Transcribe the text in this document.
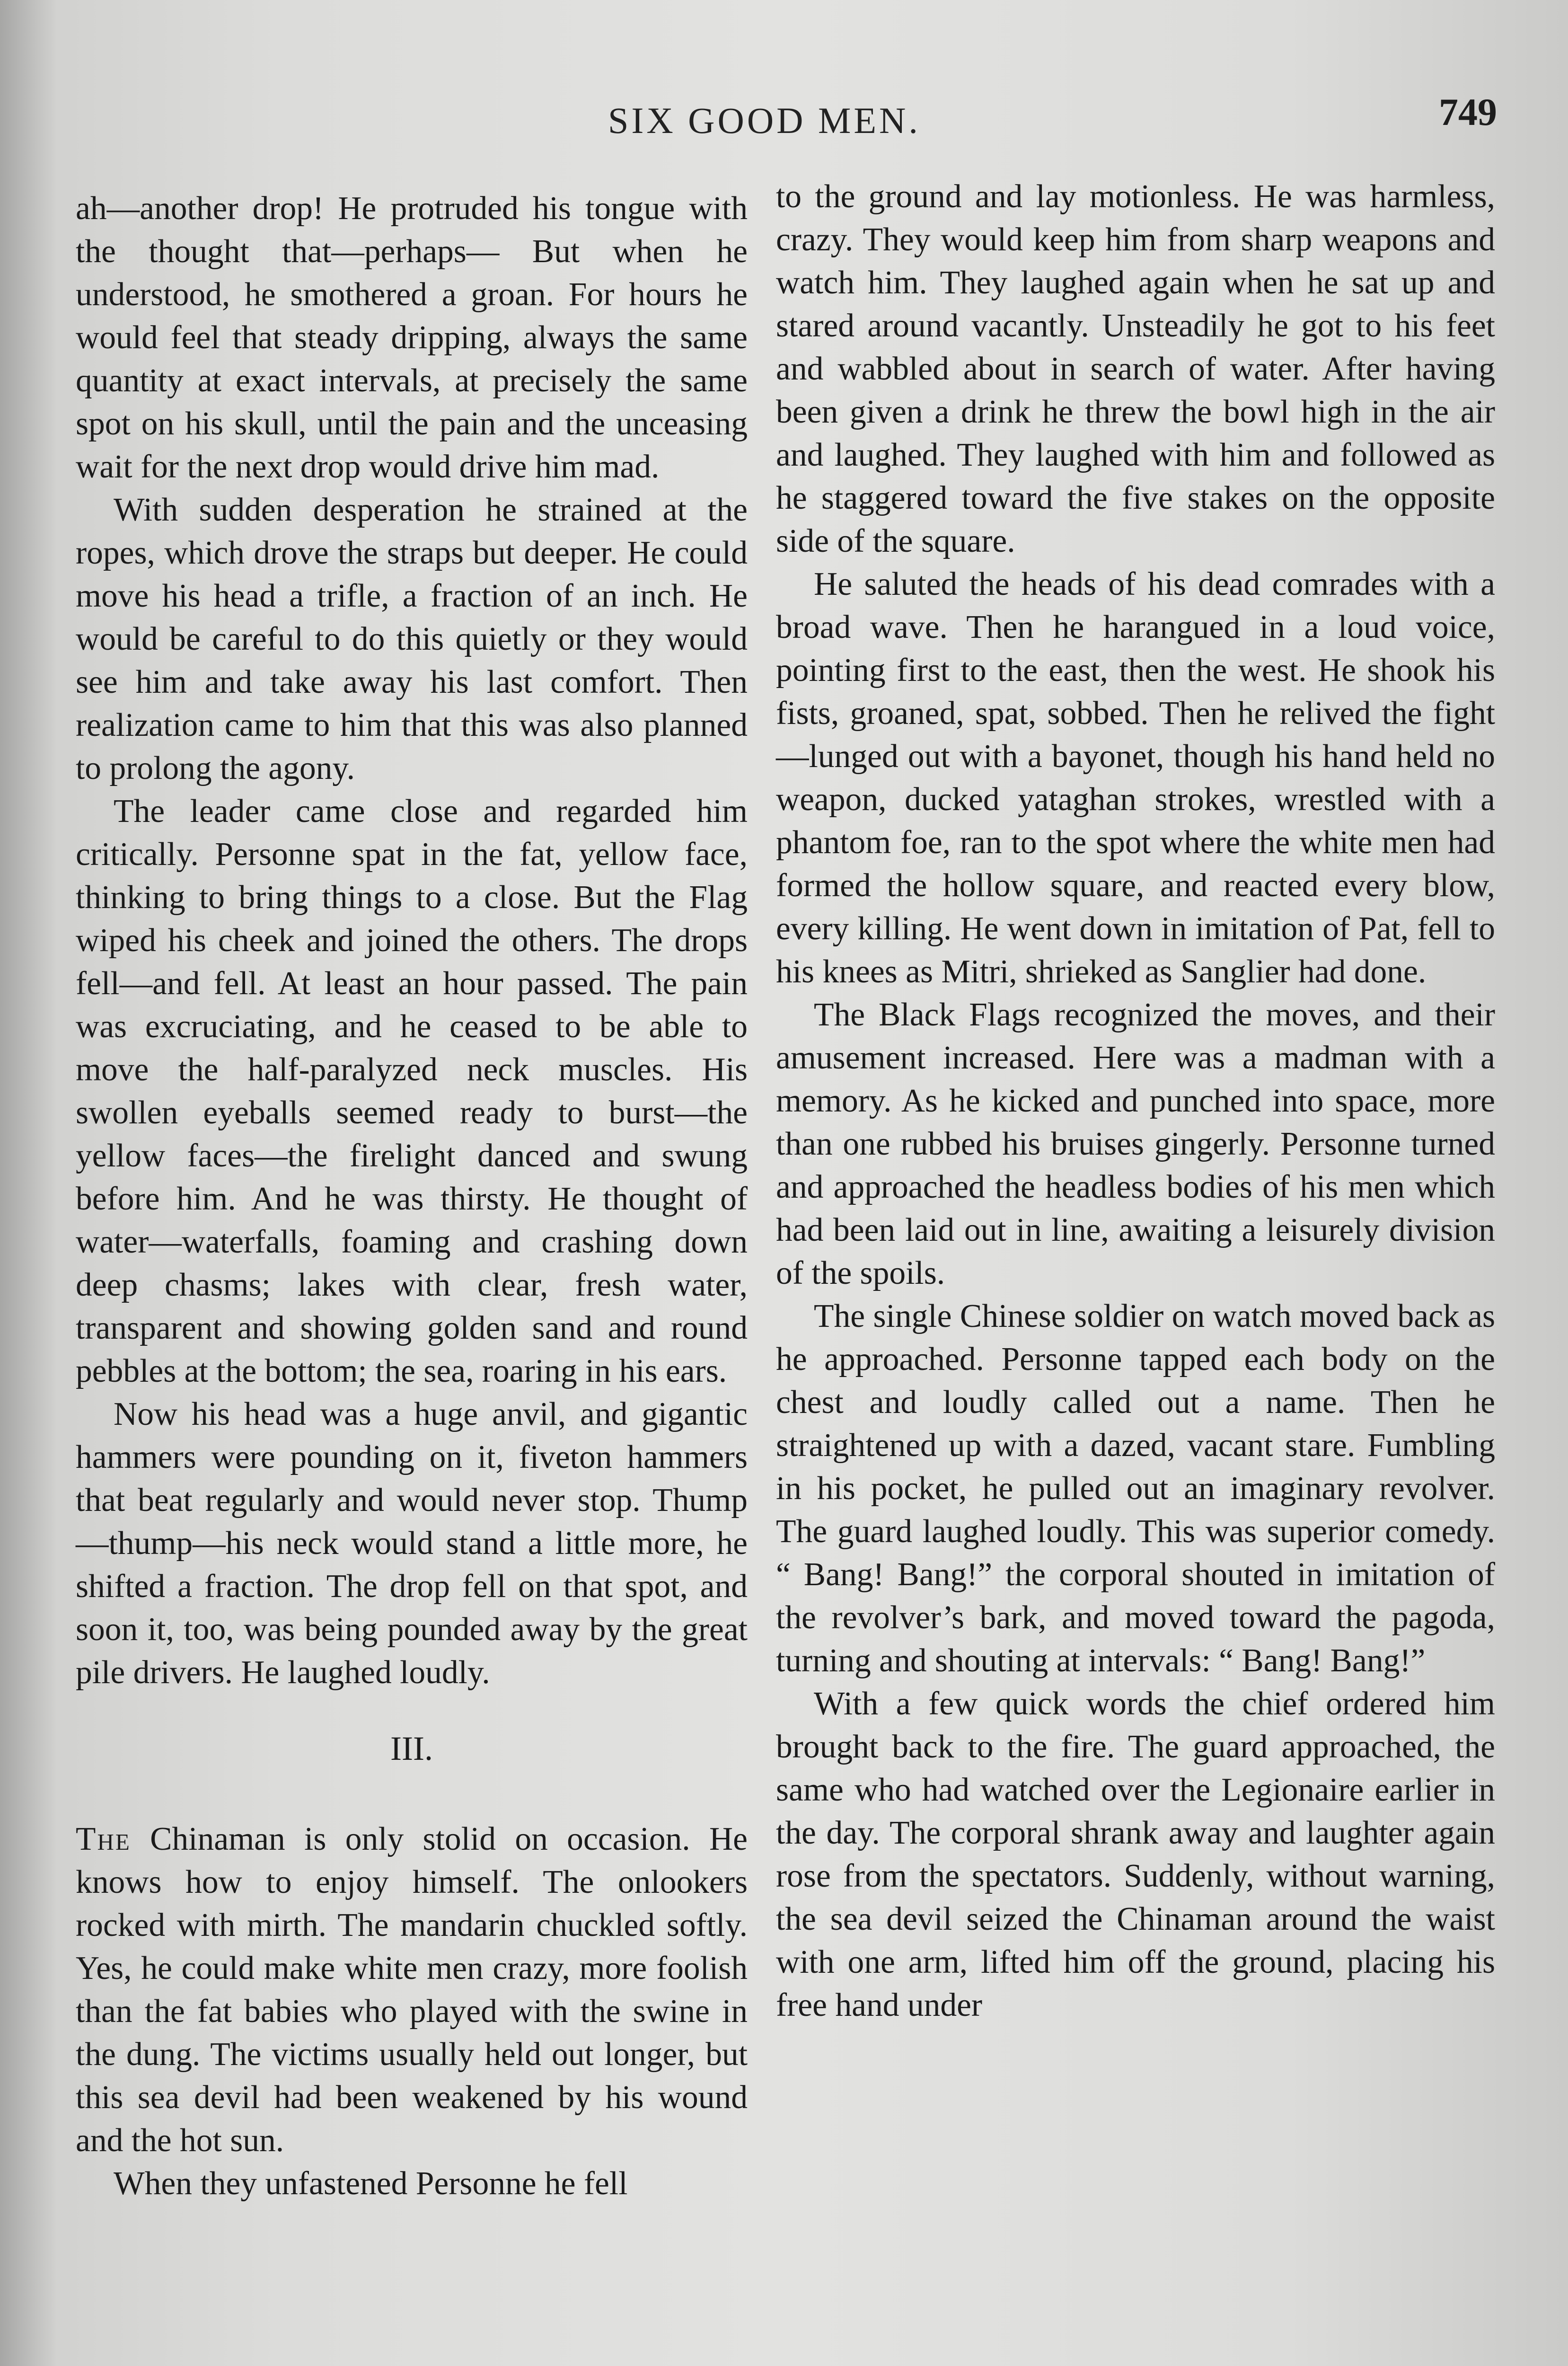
SIX GOOD MEN.	749

ah—another drop! He protruded his tongue with the thought that—perhaps— But when he understood, he smothered a groan. For hours he would feel that steady dripping, always the same quantity at exact intervals, at precisely the same spot on his skull, until the pain and the unceasing wait for the next drop would drive him mad.

With sudden desperation he strained at the ropes, which drove the straps but deeper. He could move his head a trifle, a fraction of an inch. He would be careful to do this quietly or they would see him and take away his last comfort. Then realization came to him that this was also planned to prolong the agony.

The leader came close and regarded him critically. Personne spat in the fat, yellow face, thinking to bring things to a close. But the Flag wiped his cheek and joined the others. The drops fell—and fell. At least an hour passed. The pain was excruciating, and he ceased to be able to move the half-paralyzed neck muscles. His swollen eyeballs seemed ready to burst—the yellow faces—the firelight danced and swung before him. And he was thirsty. He thought of water—waterfalls, foaming and crashing down deep chasms; lakes with clear, fresh water, transparent and showing golden sand and round pebbles at the bottom; the sea, roaring in his ears.

Now his head was a huge anvil, and gigantic hammers were pounding on it, fiveton hammers that beat regularly and would never stop. Thump—thump—his neck would stand a little more, he shifted a fraction. The drop fell on that spot, and soon it, too, was being pounded away by the great pile drivers. He laughed loudly.

III.

The Chinaman is only stolid on occasion. He knows how to enjoy himself. The onlookers rocked with mirth. The mandarin chuckled softly. Yes, he could make white men crazy, more foolish than the fat babies who played with the swine in the dung. The victims usually held out longer, but this sea devil had been weakened by his wound and the hot sun.

When they unfastened Personne he fell

to the ground and lay motionless. He was harmless, crazy. They would keep him from sharp weapons and watch him. They laughed again when he sat up and stared around vacantly. Unsteadily he got to his feet and wabbled about in search of water. After having been given a drink he threw the bowl high in the air and laughed. They laughed with him and followed as he staggered toward the five stakes on the opposite side of the square.

He saluted the heads of his dead comrades with a broad wave. Then he harangued in a loud voice, pointing first to the east, then the west. He shook his fists, groaned, spat, sobbed. Then he relived the fight—lunged out with a bayonet, though his hand held no weapon, ducked yataghan strokes, wrestled with a phantom foe, ran to the spot where the white men had formed the hollow square, and reacted every blow, every killing. He went down in imitation of Pat, fell to his knees as Mitri, shrieked as Sanglier had done.

The Black Flags recognized the moves, and their amusement increased. Here was a madman with a memory. As he kicked and punched into space, more than one rubbed his bruises gingerly. Personne turned and approached the headless bodies of his men which had been laid out in line, awaiting a leisurely division of the spoils.

The single Chinese soldier on watch moved back as he approached. Personne tapped each body on the chest and loudly called out a name. Then he straightened up with a dazed, vacant stare. Fumbling in his pocket, he pulled out an imaginary revolver. The guard laughed loudly. This was superior comedy. “ Bang! Bang!” the corporal shouted in imitation of the revolver’s bark, and moved toward the pagoda, turning and shouting at intervals: “ Bang! Bang!”

With a few quick words the chief ordered him brought back to the fire. The guard approached, the same who had watched over the Legionaire earlier in the day. The corporal shrank away and laughter again rose from the spectators. Suddenly, without warning, the sea devil seized the Chinaman around the waist with one arm, lifted him off the ground, placing his free hand under
